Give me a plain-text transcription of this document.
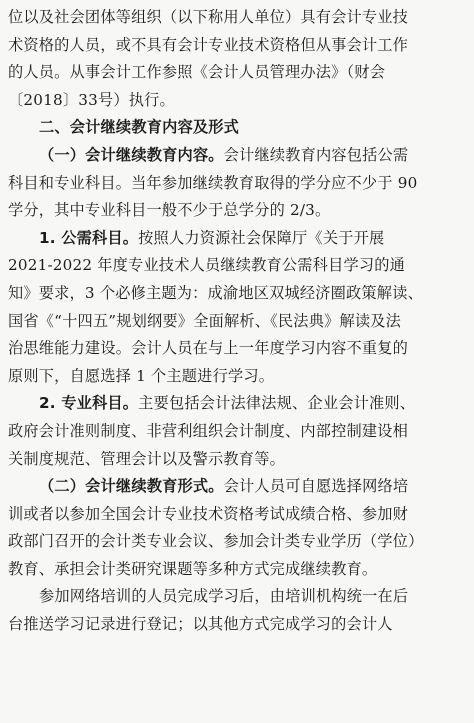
位以及社会团体等组织（以下称用人单位）具有会计专业技
术资格的人员，或不具有会计专业技术资格但从事会计工作
的人员。从事会计工作参照《会计人员管理办法》（财会
〔2018〕33号）执行。
二、会计继续教育内容及形式
（一）会计继续教育内容。会计继续教育内容包括公需
科目和专业科目。当年参加继续教育取得的学分应不少于 90
学分，其中专业科目一般不少于总学分的 2/3。
1. 公需科目。按照人力资源社会保障厅《关于开展
2021-2022 年度专业技术人员继续教育公需科目学习的通
知》要求，3 个必修主题为：成渝地区双城经济圈政策解读、
国省《“十四五”规划纲要》全面解析、《民法典》解读及法
治思维能力建设。会计人员在与上一年度学习内容不重复的
原则下，自愿选择 1 个主题进行学习。
2. 专业科目。主要包括会计法律法规、企业会计准则、
政府会计准则制度、非营利组织会计制度、内部控制建设相
关制度规范、管理会计以及警示教育等。
（二）会计继续教育形式。会计人员可自愿选择网络培
训或者以参加全国会计专业技术资格考试成绩合格、参加财
政部门召开的会计类专业会议、参加会计类专业学历（学位）
教育、承担会计类研究课题等多种方式完成继续教育。
参加网络培训的人员完成学习后，由培训机构统一在后
台推送学习记录进行登记；以其他方式完成学习的会计人
